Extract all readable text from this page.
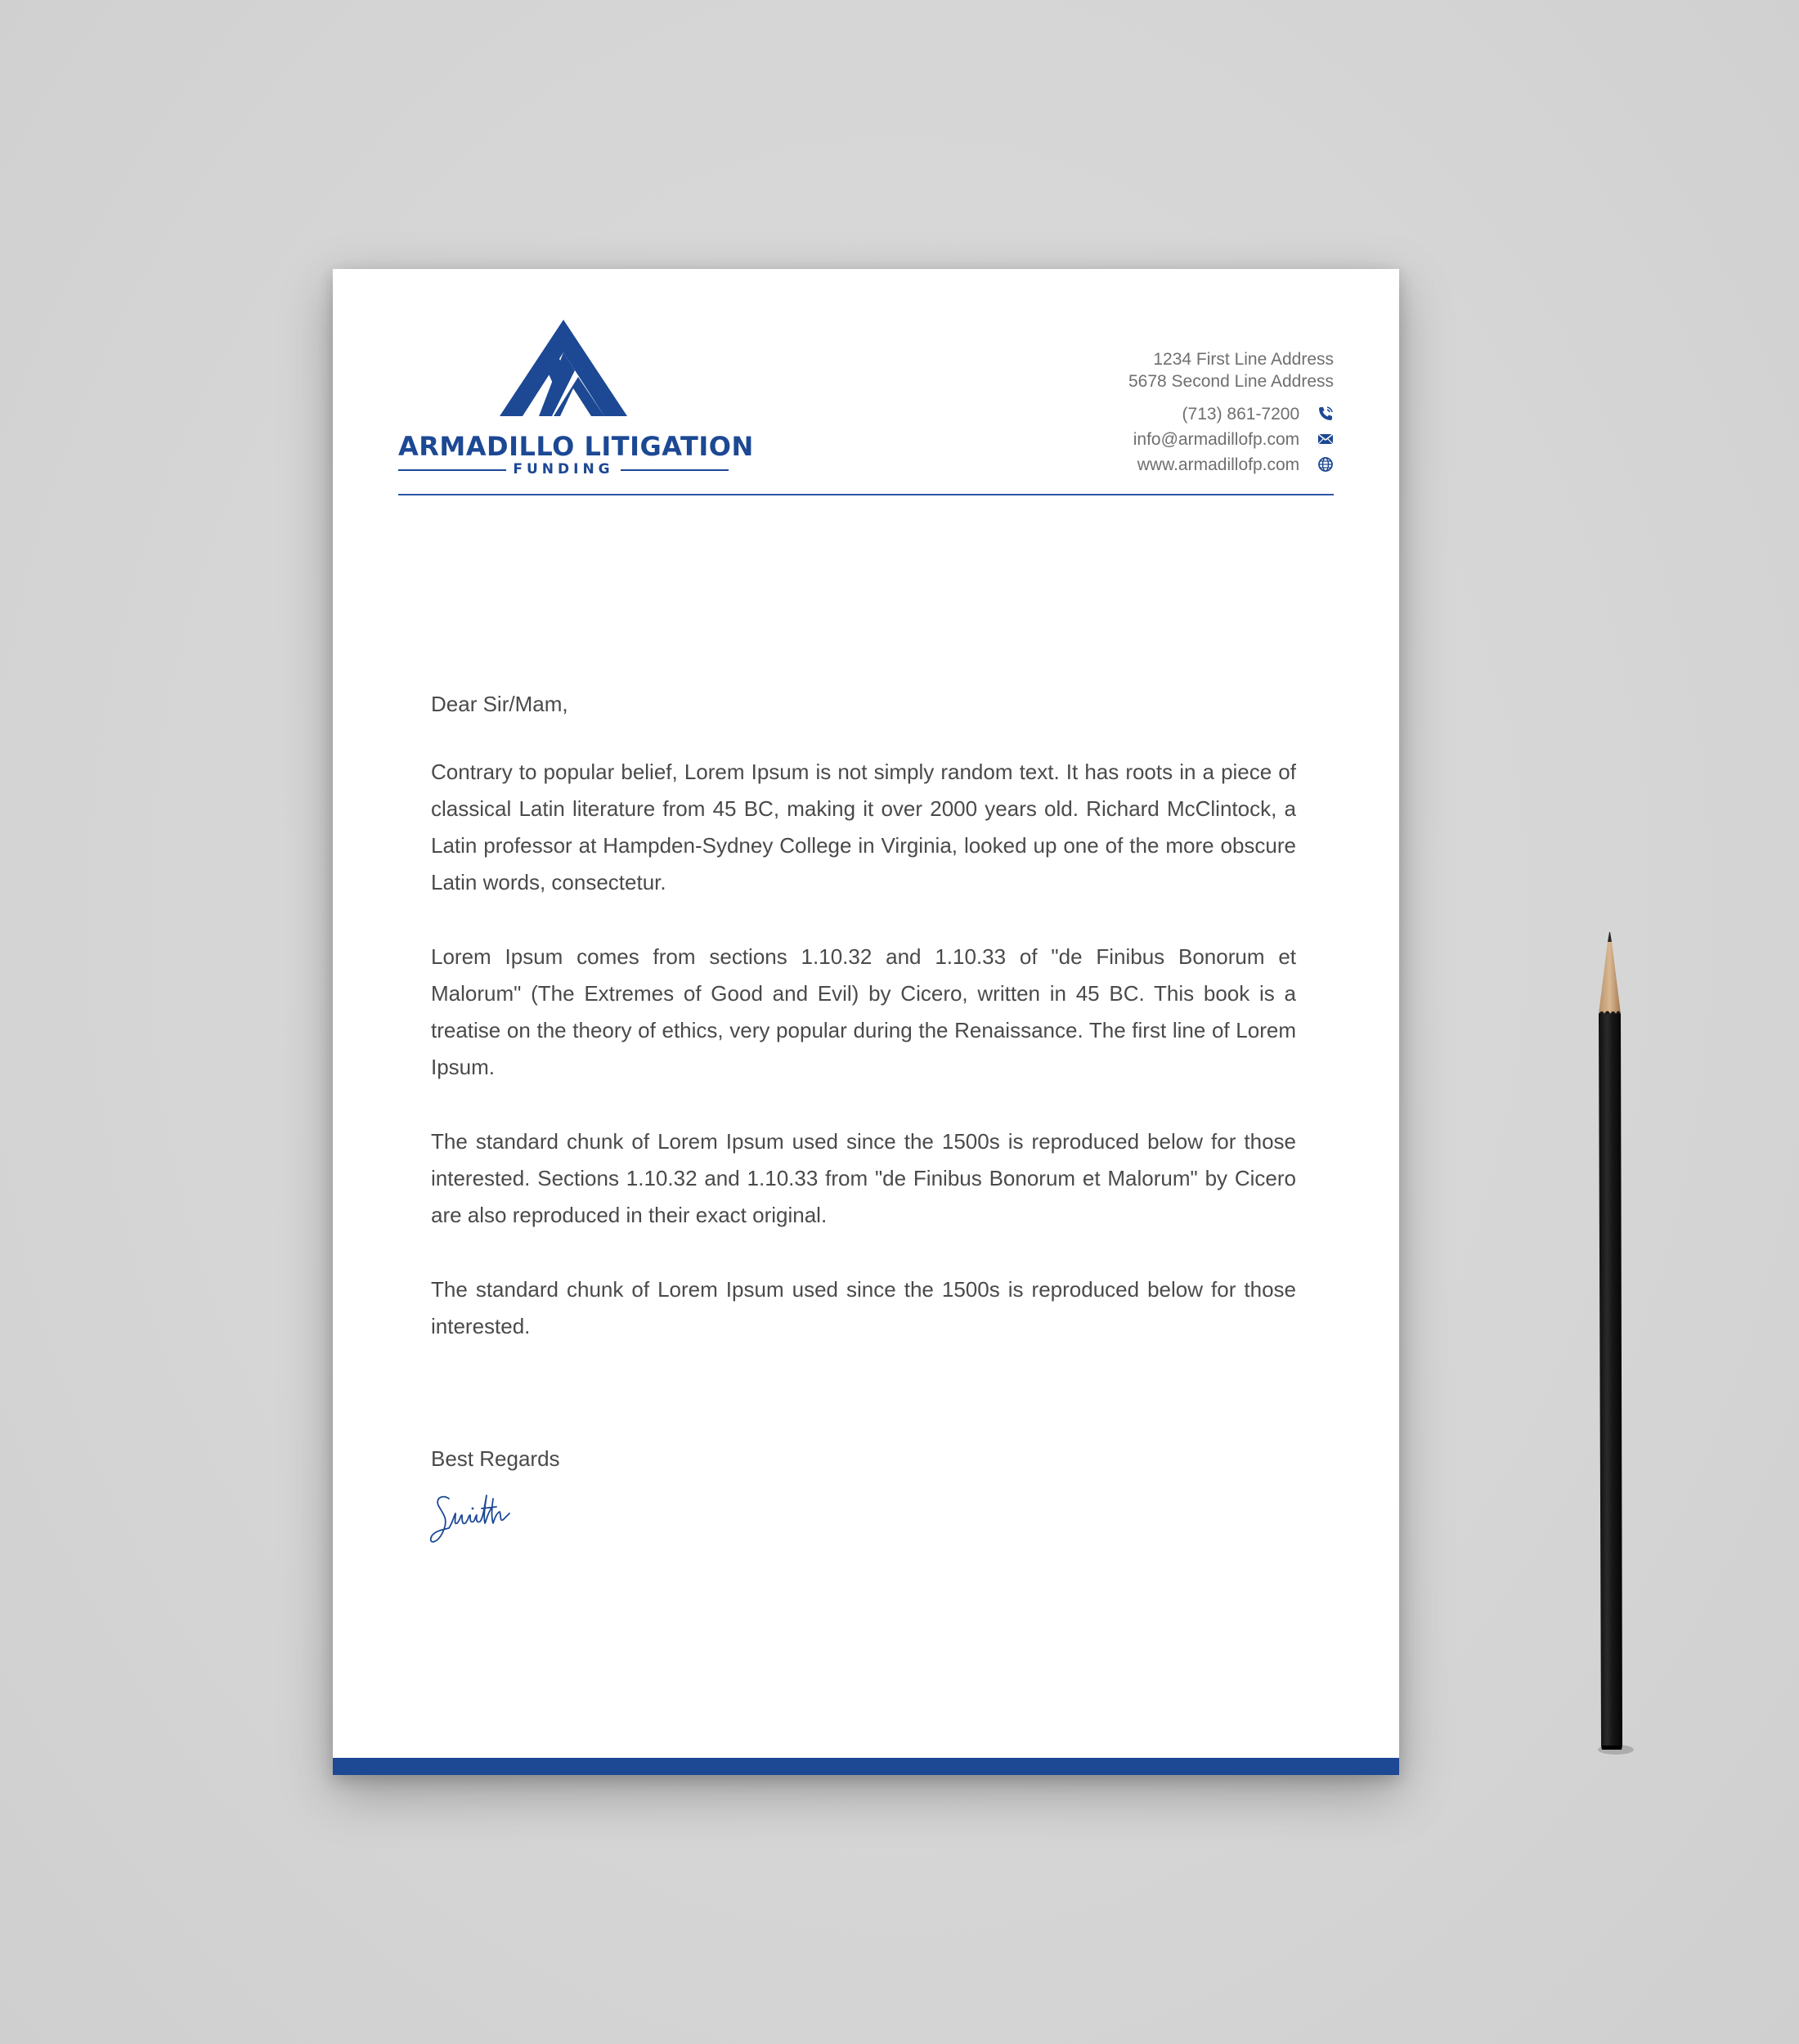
ARMADILLO LITIGATION
FUNDING
1234 First Line Address
5678 Second Line Address
(713) 861-7200
info@armadillofp.com
www.armadillofp.com

Dear Sir/Mam,

Contrary to popular belief, Lorem Ipsum is not simply random text. It has roots in a piece of classical Latin literature from 45 BC, making it over 2000 years old. Richard McClintock, a Latin professor at Hampden-Sydney College in Virginia, looked up one of the more obscure Latin words, consectetur.

Lorem Ipsum comes from sections 1.10.32 and 1.10.33 of "de Finibus Bonorum et Malorum" (The Extremes of Good and Evil) by Cicero, written in 45 BC. This book is a treatise on the theory of ethics, very popular during the Renaissance. The first line of Lorem Ipsum.

The standard chunk of Lorem Ipsum used since the 1500s is reproduced below for those interested. Sections 1.10.32 and 1.10.33 from "de Finibus Bonorum et Malorum" by Cicero are also reproduced in their exact original.

The standard chunk of Lorem Ipsum used since the 1500s is reproduced below for those interested.

Best Regards
